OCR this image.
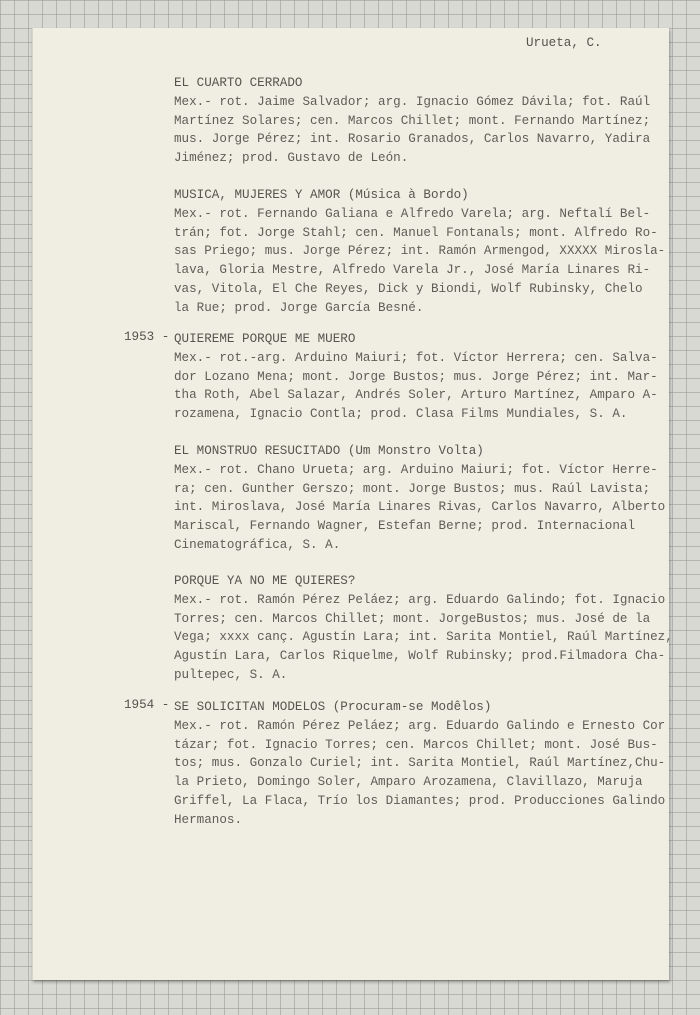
Urueta, C.
EL CUARTO CERRADO
Mex.- rot. Jaime Salvador; arg. Ignacio Gómez Dávila; fot. Raúl
Martínez Solares; cen. Marcos Chillet; mont. Fernando Martínez;
mus. Jorge Pérez; int. Rosario Granados, Carlos Navarro, Yadira
Jiménez; prod. Gustavo de León.
MUSICA, MUJERES Y AMOR (Música à Bordo)
Mex.- rot. Fernando Galiana e Alfredo Varela; arg. Neftalí Bel-
trán; fot. Jorge Stahl; cen. Manuel Fontanals; mont. Alfredo Ro-
sas Priego; mus. Jorge Pérez; int. Ramón Armengod, XXXXX Mirosla-
lava, Gloria Mestre, Alfredo Varela Jr., José María Linares Ri-
vas, Vitola, El Che Reyes, Dick y Biondi, Wolf Rubinsky, Chelo
la Rue; prod. Jorge García Besné.
QUIEREME PORQUE ME MUERO
Mex.- rot.-arg. Arduino Maiuri; fot. Víctor Herrera; cen. Salva-
dor Lozano Mena; mont. Jorge Bustos; mus. Jorge Pérez; int. Mar-
tha Roth, Abel Salazar, Andrés Soler, Arturo Martínez, Amparo A-
rozamena, Ignacio Contla; prod. Clasa Films Mundiales, S. A.
1953 -
EL MONSTRUO RESUCITADO (Um Monstro Volta)
Mex.- rot. Chano Urueta; arg. Arduino Maiuri; fot. Víctor Herre-
ra; cen. Gunther Gerszo; mont. Jorge Bustos; mus. Raúl Lavista;
int. Miroslava, José María Linares Rivas, Carlos Navarro, Alberto
Mariscal, Fernando Wagner, Estefan Berne; prod. Internacional
Cinematográfica, S. A.
PORQUE YA NO ME QUIERES?
Mex.- rot. Ramón Pérez Peláez; arg. Eduardo Galindo; fot. Ignacio
Torres; cen. Marcos Chillet; mont. JorgeBustos; mus. José de la
Vega; xxxx canç. Agustín Lara; int. Sarita Montiel, Raúl Martínez,
Agustín Lara, Carlos Riquelme, Wolf Rubinsky; prod.Filmadora Cha-
pultepec, S. A.
SE SOLICITAN MODELOS (Procuram-se Modêlos)
Mex.- rot. Ramón Pérez Peláez; arg. Eduardo Galindo e Ernesto Cor
tázar; fot. Ignacio Torres; cen. Marcos Chillet; mont. José Bus-
tos; mus. Gonzalo Curiel; int. Sarita Montiel, Raúl Martínez,Chu-
la Prieto, Domingo Soler, Amparo Arozamena, Clavillazo, Maruja
Griffel, La Flaca, Trío los Diamantes; prod. Producciones Galindo
Hermanos.
1954 -
